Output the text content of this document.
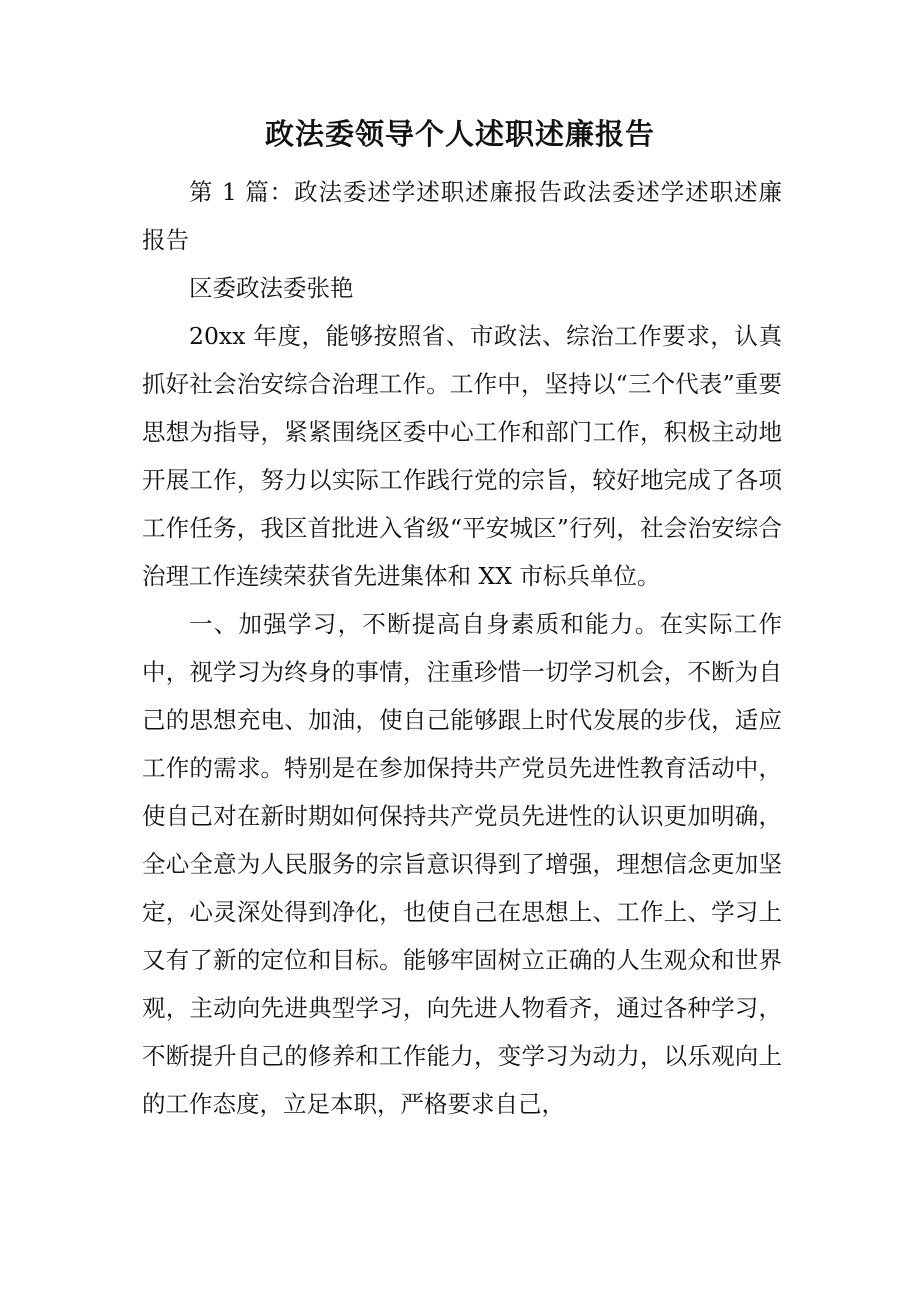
政法委领导个人述职述廉报告

第 1 篇：政法委述学述职述廉报告政法委述学述职述廉报告

区委政法委张艳

20xx 年度，能够按照省、市政法、综治工作要求，认真抓好社会治安综合治理工作。工作中，坚持以“三个代表”重要思想为指导，紧紧围绕区委中心工作和部门工作，积极主动地开展工作，努力以实际工作践行党的宗旨，较好地完成了各项工作任务，我区首批进入省级“平安城区”行列，社会治安综合治理工作连续荣获省先进集体和 XX 市标兵单位。

一、加强学习，不断提高自身素质和能力。在实际工作中，视学习为终身的事情，注重珍惜一切学习机会，不断为自己的思想充电、加油，使自己能够跟上时代发展的步伐，适应工作的需求。特别是在参加保持共产党员先进性教育活动中，使自己对在新时期如何保持共产党员先进性的认识更加明确，全心全意为人民服务的宗旨意识得到了增强，理想信念更加坚定，心灵深处得到净化，也使自己在思想上、工作上、学习上又有了新的定位和目标。能够牢固树立正确的人生观众和世界观，主动向先进典型学习，向先进人物看齐，通过各种学习，不断提升自己的修养和工作能力，变学习为动力，以乐观向上的工作态度，立足本职，严格要求自己，
